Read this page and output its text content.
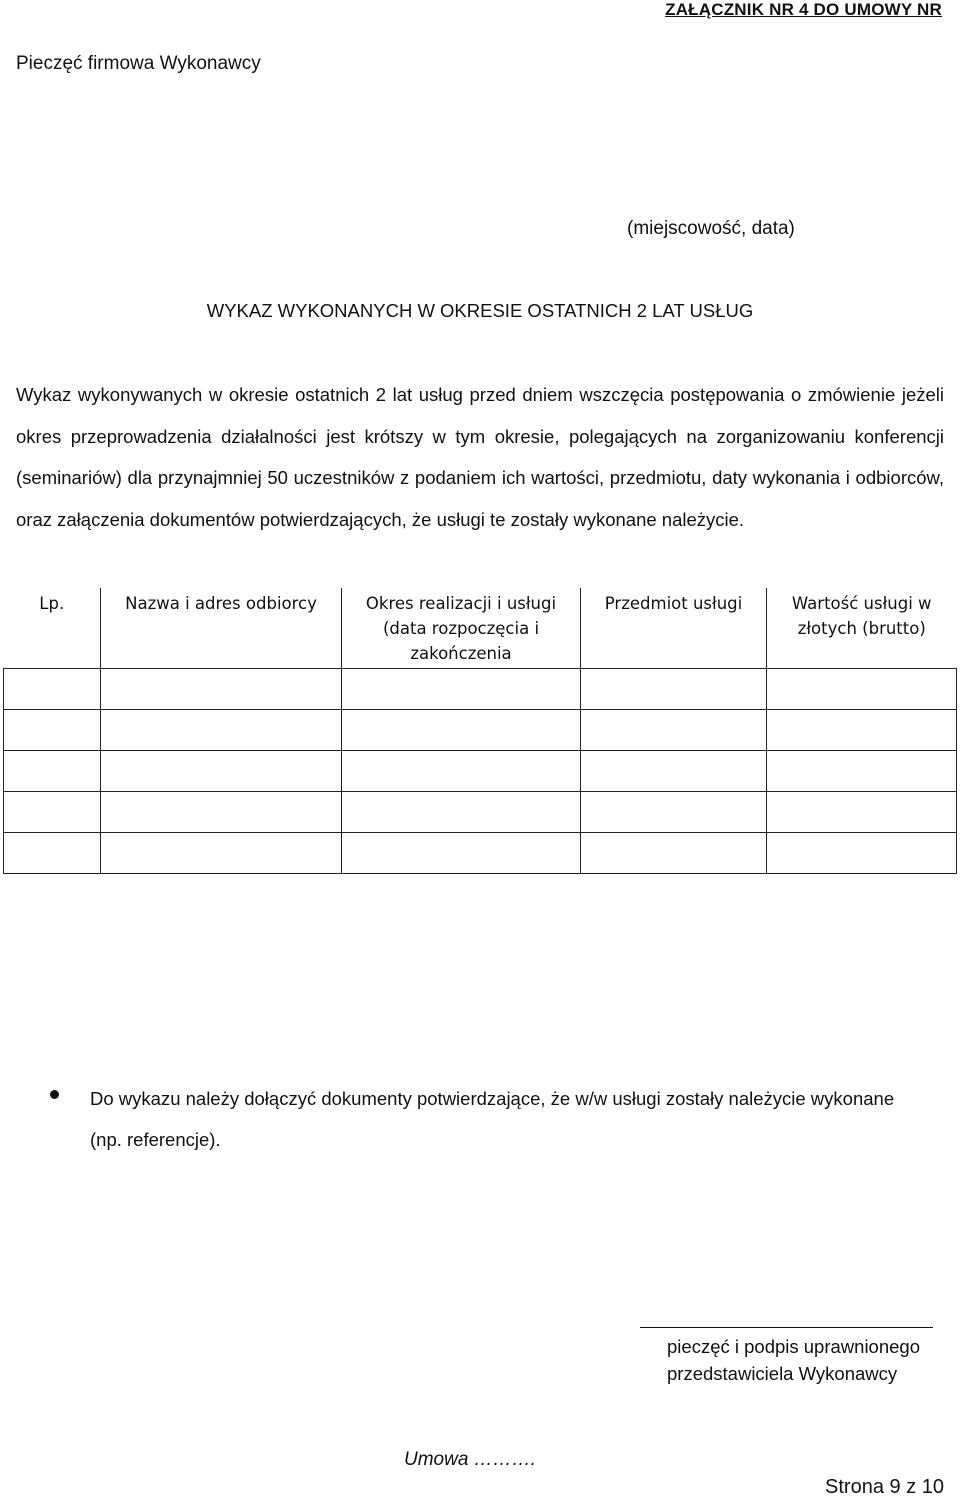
ZAŁĄCZNIK NR 4 DO UMOWY NR
Pieczęć firmowa Wykonawcy
(miejscowość, data)
WYKAZ WYKONANYCH W OKRESIE OSTATNICH 2 LAT USŁUG
Wykaz wykonywanych w okresie ostatnich 2 lat usług przed dniem wszczęcia postępowania o zmówienie jeżeli okres przeprowadzenia działalności jest krótszy w tym okresie, polegających na zorganizowaniu konferencji (seminariów) dla przynajmniej 50 uczestników z podaniem ich wartości, przedmiotu, daty wykonania i odbiorców, oraz załączenia dokumentów potwierdzających, że usługi te zostały wykonane należycie.
Lp.	Nazwa i adres odbiorcy	Okres realizacji i usługi (data rozpoczęcia i zakończenia	Przedmiot usługi	Wartość usługi w złotych (brutto)

Do wykazu należy dołączyć dokumenty potwierdzające, że w/w usługi zostały należycie wykonane (np. referencje).
pieczęć i podpis uprawnionego przedstawiciela Wykonawcy
Umowa ……….
Strona 9 z 10
